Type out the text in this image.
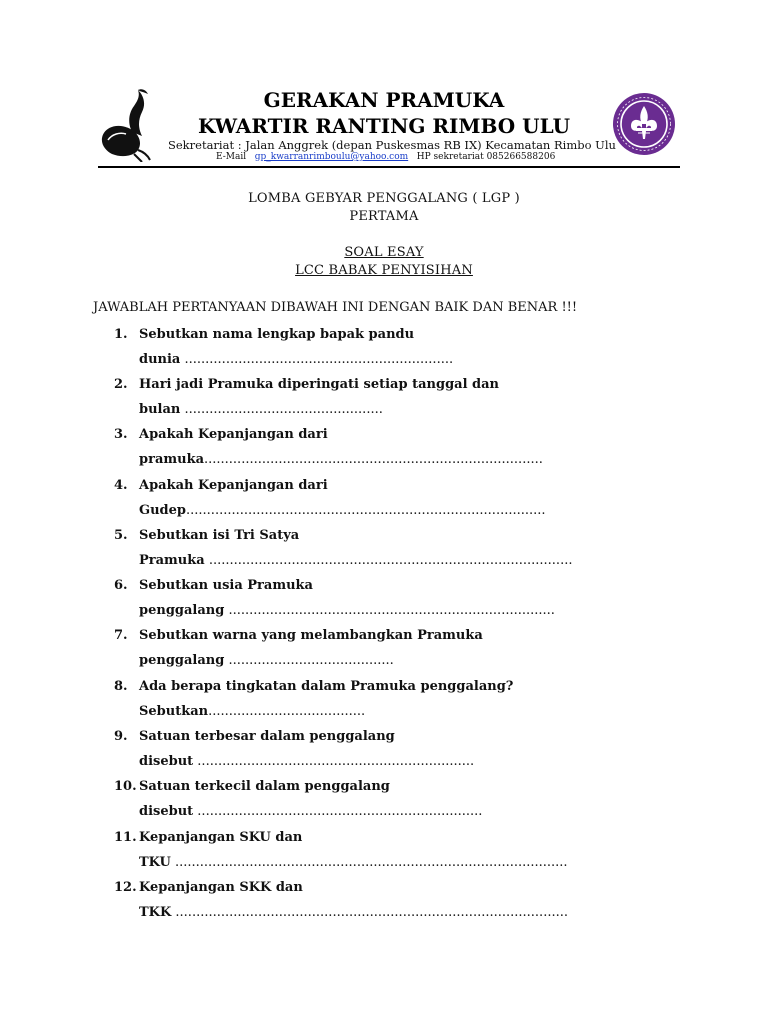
GERAKAN PRAMUKA
KWARTIR RANTING RIMBO ULU
Sekretariat : Jalan Anggrek (depan Puskesmas RB IX) Kecamatan Rimbo Ulu
E-Mail gp_kwarranrimboulu@yahoo.com HP sekretariat 085266588206
LOMBA GEBYAR PENGGALANG ( LGP )
PERTAMA
SOAL ESAY
LCC BABAK PENYISIHAN
JAWABLAH PERTANYAAN DIBAWAH INI DENGAN BAIK DAN BENAR !!!
1. Sebutkan nama lengkap bapak pandu
dunia .................................................................
2. Hari jadi Pramuka diperingati setiap tanggal dan
bulan ................................................
3. Apakah Kepanjangan dari
pramuka..................................................................................
4. Apakah Kepanjangan dari
Gudep.......................................................................................
5. Sebutkan isi Tri Satya
Pramuka ........................................................................................
6. Sebutkan usia Pramuka
penggalang ...............................................................................
7. Sebutkan warna yang melambangkan Pramuka
penggalang ........................................
8. Ada berapa tingkatan dalam Pramuka penggalang?
Sebutkan......................................
9. Satuan terbesar dalam penggalang
disebut ...................................................................
10. Satuan terkecil dalam penggalang
disebut .....................................................................
11. Kepanjangan SKU dan
TKU ...............................................................................................
12. Kepanjangan SKK dan
TKK ...............................................................................................
